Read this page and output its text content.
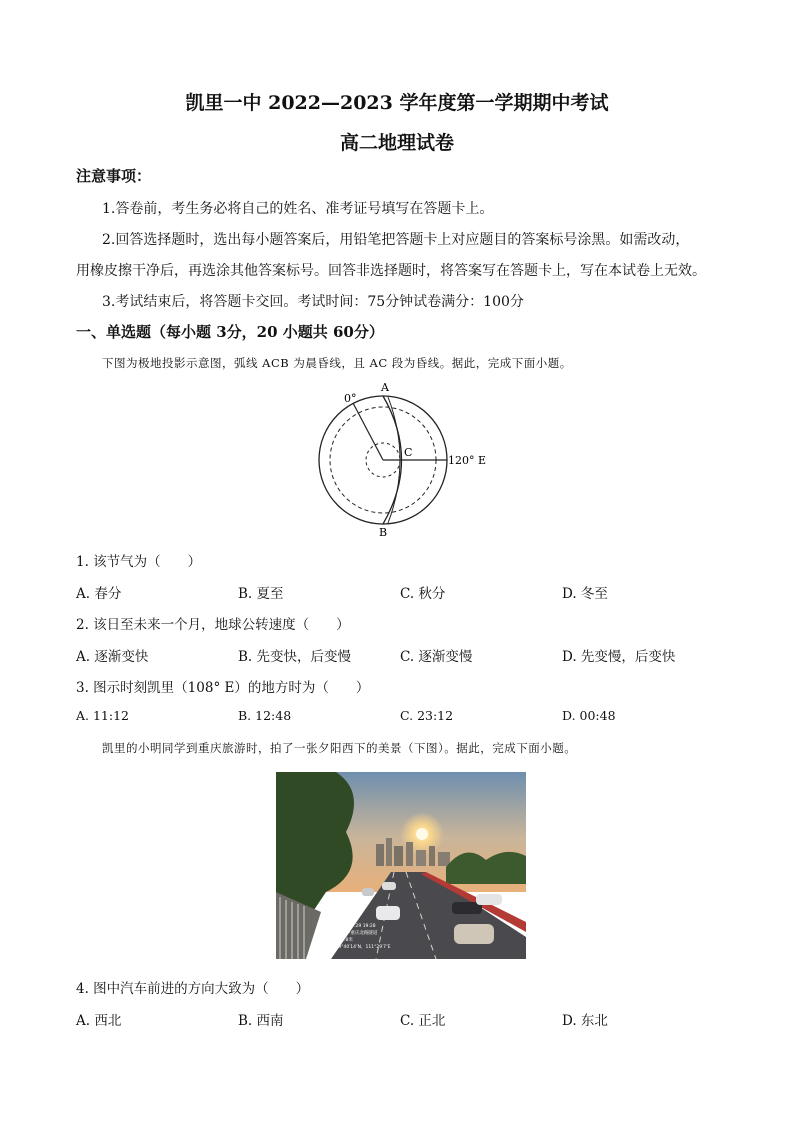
凯里一中 2022—2023 学年度第一学期期中考试
高二地理试卷
注意事项：
1.答卷前，考生务必将自己的姓名、准考证号填写在答题卡上。
2.回答选择题时，选出每小题答案后，用铅笔把答题卡上对应题目的答案标号涂黑。如需改动，
用橡皮擦干净后，再选涂其他答案标号。回答非选择题时，将答案写在答题卡上，写在本试卷上无效。
3.考试结束后，将答题卡交回。考试时间：75分钟试卷满分：100分
一、单选题（每小题 3分，20 小题共 60分）
下图为极地投影示意图，弧线 ACB 为晨昏线，且 AC 段为昏线。据此，完成下面小题。
0°
A
B
C
120° E
1. 该节气为（　　）
A. 春分	B. 夏至	C. 秋分	D. 冬至
2. 该日至未来一个月，地球公转速度（　　）
A. 逐渐变快	B. 先变快，后变慢	C. 逐渐变慢	D. 先变慢，后变快
3. 图示时刻凯里（108° E）的地方时为（　　）
A. 11:12	B. 12:48	C. 23:12	D. 00:48
凯里的小明同学到重庆旅游时，拍了一张夕阳西下的美景（下图）。据此，完成下面小题。
时间：2022.07.29 19:28
地点：重庆市·重庆北路隧道
海拔：306.8米
坐标：29°40′14″N，111°29′7″E
4. 图中汽车前进的方向大致为（　　）
A. 西北	B. 西南	C. 正北	D. 东北
